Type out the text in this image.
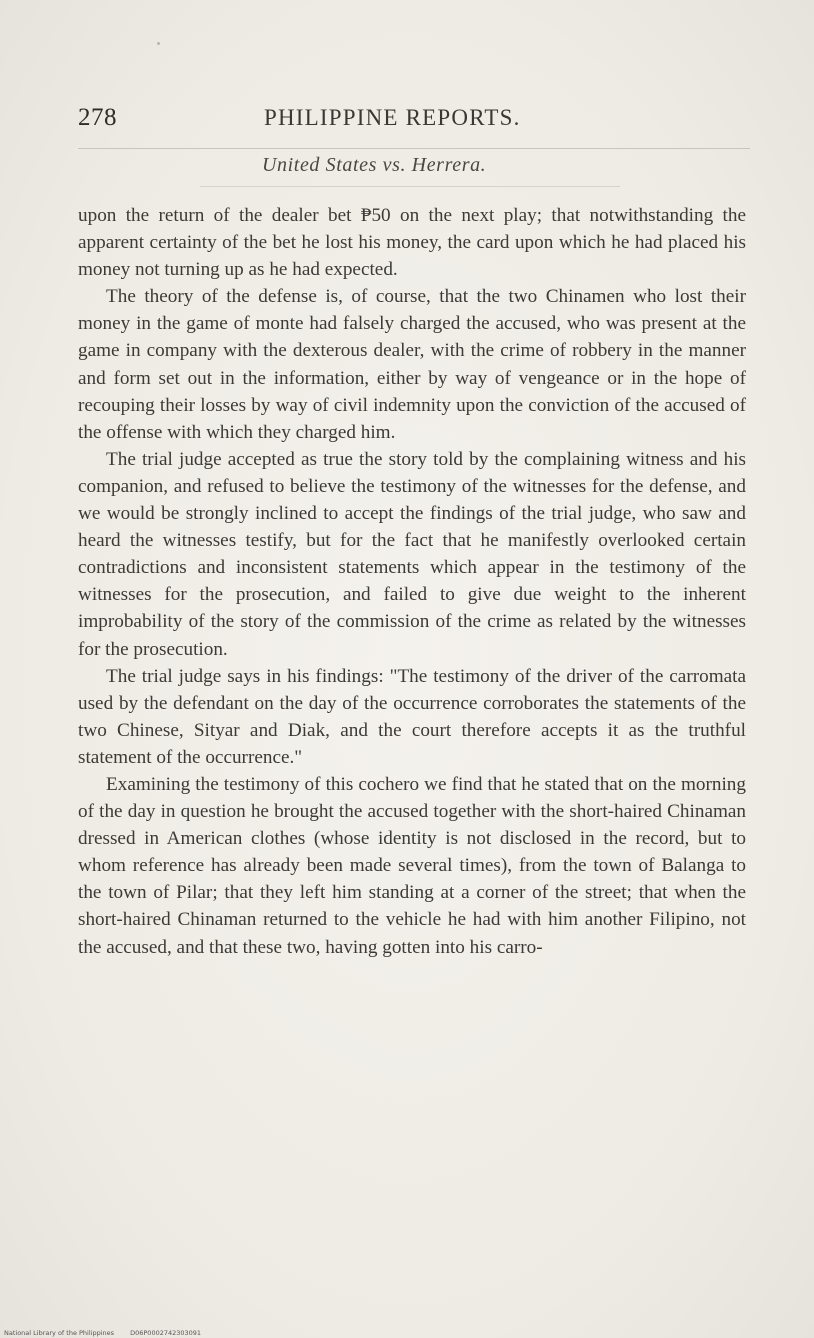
278	PHILIPPINE REPORTS.
United States vs. Herrera.

upon the return of the dealer bet ₱50 on the next play; that notwithstanding the apparent certainty of the bet he lost his money, the card upon which he had placed his money not turning up as he had expected.

The theory of the defense is, of course, that the two Chinamen who lost their money in the game of monte had falsely charged the accused, who was present at the game in company with the dexterous dealer, with the crime of robbery in the manner and form set out in the information, either by way of vengeance or in the hope of recouping their losses by way of civil indemnity upon the conviction of the accused of the offense with which they charged him.

The trial judge accepted as true the story told by the complaining witness and his companion, and refused to believe the testimony of the witnesses for the defense, and we would be strongly inclined to accept the findings of the trial judge, who saw and heard the witnesses testify, but for the fact that he manifestly overlooked certain contradictions and inconsistent statements which appear in the testimony of the witnesses for the prosecution, and failed to give due weight to the inherent improbability of the story of the commission of the crime as related by the witnesses for the prosecution.

The trial judge says in his findings: "The testimony of the driver of the carromata used by the defendant on the day of the occurrence corroborates the statements of the two Chinese, Sityar and Diak, and the court therefore accepts it as the truthful statement of the occurrence."

Examining the testimony of this cochero we find that he stated that on the morning of the day in question he brought the accused together with the short-haired Chinaman dressed in American clothes (whose identity is not disclosed in the record, but to whom reference has already been made several times), from the town of Balanga to the town of Pilar; that they left him standing at a corner of the street; that when the short-haired Chinaman returned to the vehicle he had with him another Filipino, not the accused, and that these two, having gotten into his carro-

National Library of the Philippines D06P0002742303091
